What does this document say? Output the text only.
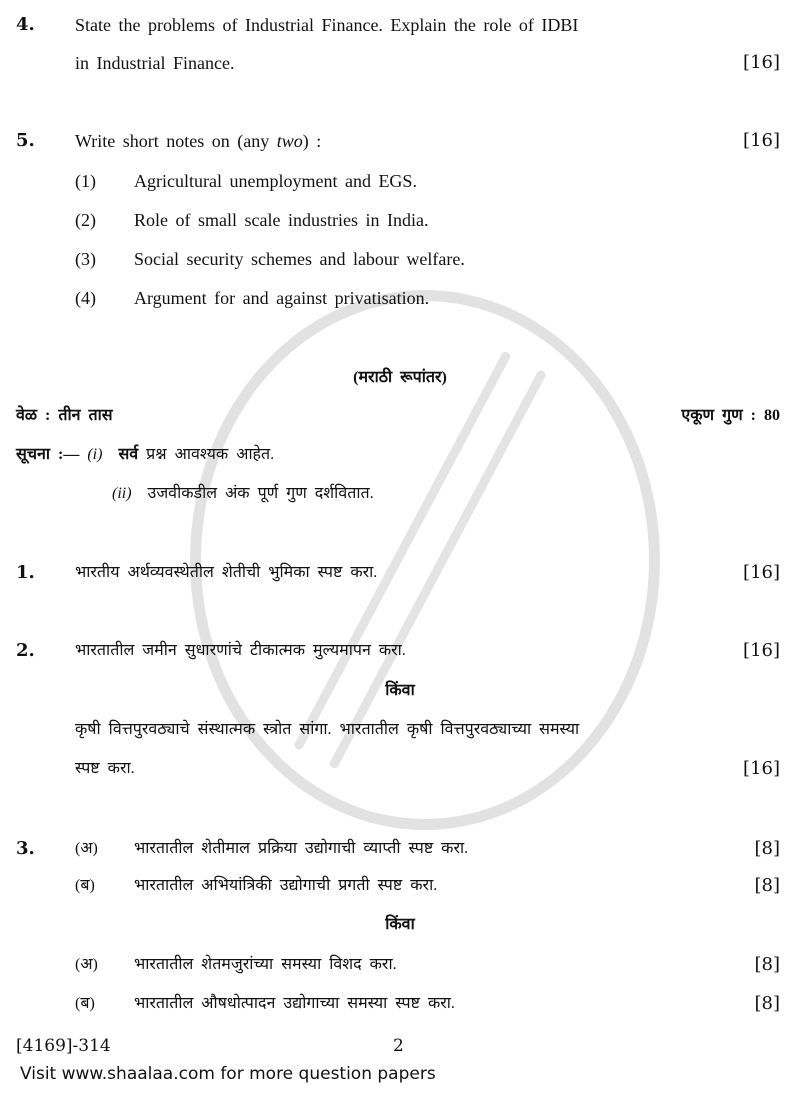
4. State the problems of Industrial Finance. Explain the role of IDBI
in Industrial Finance.	[16]
5. Write short notes on (any two) :	[16]
(1) Agricultural unemployment and EGS.
(2) Role of small scale industries in India.
(3) Social security schemes and labour welfare.
(4) Argument for and against privatisation.
(मराठी रूपांतर)
वेळ : तीन तास	एकूण गुण : 80
सूचना :— (i) सर्व प्रश्न आवश्यक आहेत.
(ii) उजवीकडील अंक पूर्ण गुण दर्शवितात.
1.	भारतीय अर्थव्यवस्थेतील शेतीची भुमिका स्पष्ट करा.	[16]
2.	भारतातील जमीन सुधारणांचे टीकात्मक मुल्यमापन करा.	[16]
किंवा
कृषी वित्तपुरवठ्याचे संस्थात्मक स्त्रोत सांगा. भारतातील कृषी वित्तपुरवठ्याच्या समस्या
स्पष्ट करा.	[16]
3.	(अ) भारतातील शेतीमाल प्रक्रिया उद्योगाची व्याप्ती स्पष्ट करा.	[8]
(ब) भारतातील अभियांत्रिकी उद्योगाची प्रगती स्पष्ट करा.	[8]
किंवा
(अ) भारतातील शेतमजुरांच्या समस्या विशद करा.	[8]
(ब) भारतातील औषधोत्पादन उद्योगाच्या समस्या स्पष्ट करा.	[8]
[4169]-314	2
Visit www.shaalaa.com for more question papers
